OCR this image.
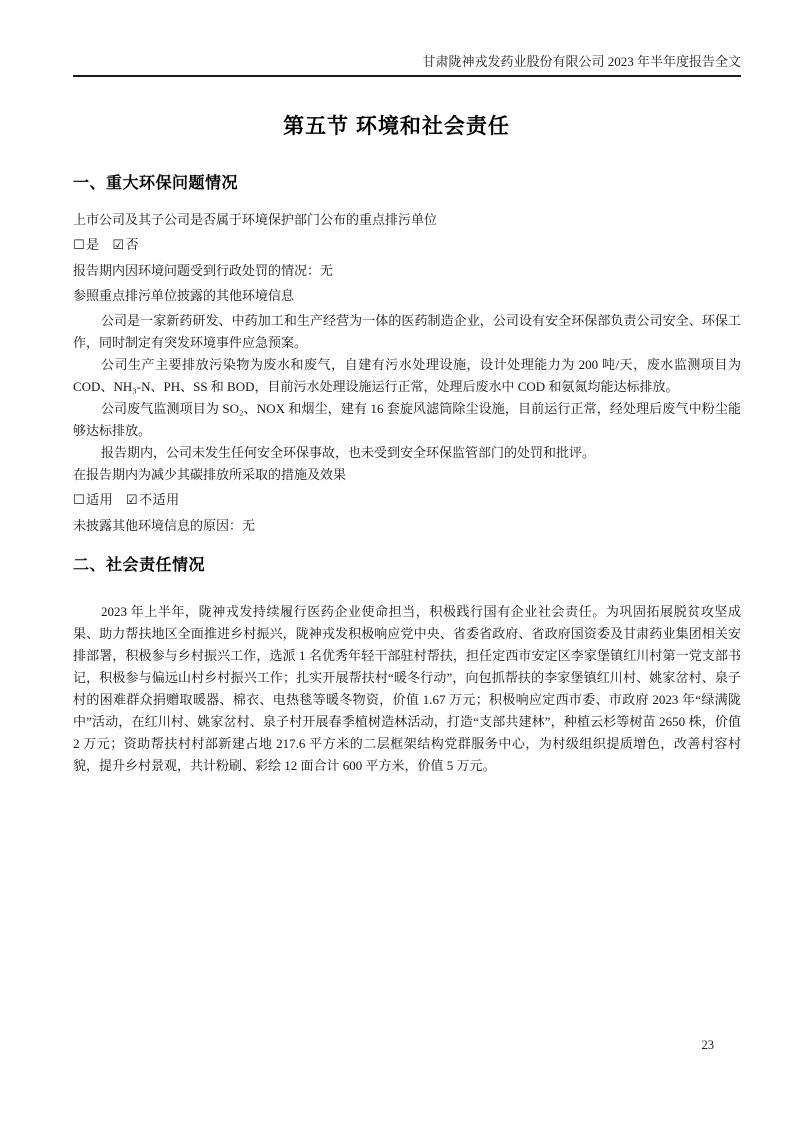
甘肃陇神戎发药业股份有限公司 2023 年半年度报告全文
第五节 环境和社会责任
一、重大环保问题情况
上市公司及其子公司是否属于环境保护部门公布的重点排污单位
☐是 ☑否
报告期内因环境问题受到行政处罚的情况：无
参照重点排污单位披露的其他环境信息

公司是一家新药研发、中药加工和生产经营为一体的医药制造企业，公司设有安全环保部负责公司安全、环保工作，同时制定有突发环境事件应急预案。

公司生产主要排放污染物为废水和废气，自建有污水处理设施，设计处理能力为 200 吨/天，废水监测项目为 COD、NH₃-N、PH、SS 和 BOD，目前污水处理设施运行正常，处理后废水中 COD 和氨氮均能达标排放。

公司废气监测项目为 SO₂、NOX 和烟尘，建有 16 套旋风滤筒除尘设施，目前运行正常，经处理后废气中粉尘能够达标排放。

报告期内，公司未发生任何安全环保事故，也未受到安全环保监管部门的处罚和批评。

在报告期内为减少其碳排放所采取的措施及效果
☐适用 ☑不适用
未披露其他环境信息的原因：无
二、社会责任情况

2023 年上半年，陇神戎发持续履行医药企业使命担当，积极践行国有企业社会责任。为巩固拓展脱贫攻坚成果、助力帮扶地区全面推进乡村振兴，陇神戎发积极响应党中央、省委省政府、省政府国资委及甘肃药业集团相关安排部署，积极参与乡村振兴工作，选派 1 名优秀年轻干部驻村帮扶，担任定西市安定区李家堡镇红川村第一党支部书记，积极参与偏远山村乡村振兴工作；扎实开展帮扶村“暖冬行动”，向包抓帮扶的李家堡镇红川村、姚家岔村、泉子村的困难群众捐赠取暖器、棉衣、电热毯等暖冬物资，价值 1.67 万元；积极响应定西市委、市政府 2023 年“绿满陇中”活动，在红川村、姚家岔村、泉子村开展春季植树造林活动，打造“支部共建林”，种植云杉等树苗 2650 株，价值 2 万元；资助帮扶村村部新建占地 217.6 平方米的二层框架结构党群服务中心，为村级组织提质增色，改善村容村貌，提升乡村景观，共计粉刷、彩绘 12 面合计 600 平方米，价值 5 万元。

23
